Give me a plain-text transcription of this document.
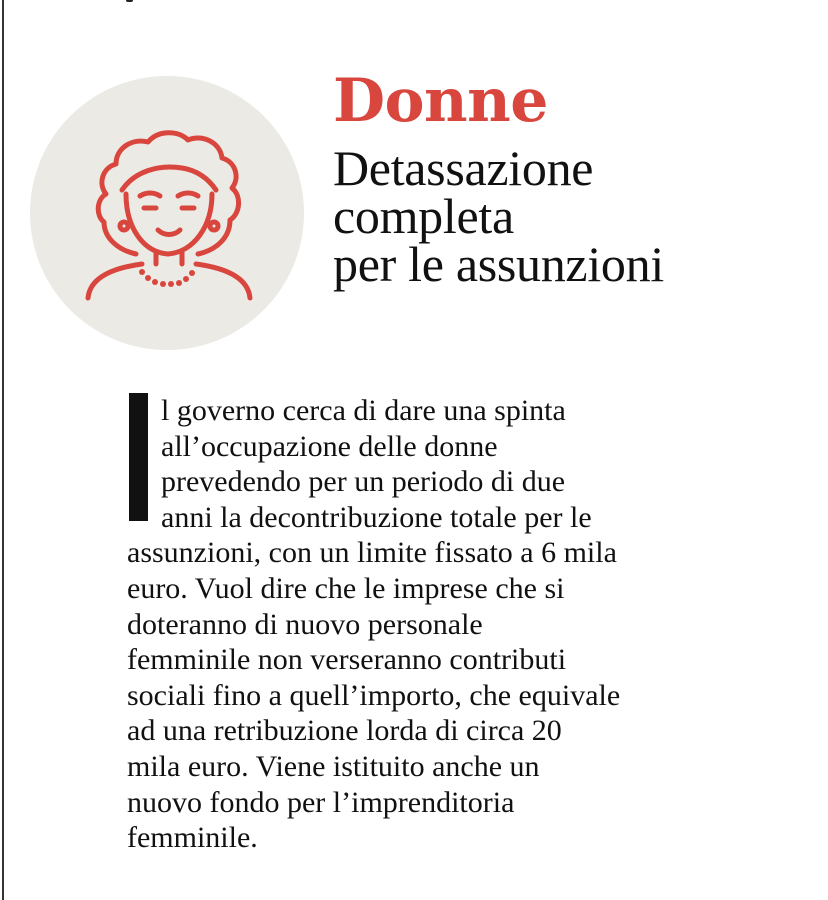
Donne
Detassazione
completa
per le assunzioni

l governo cerca di dare una spinta

all’occupazione delle donne

prevedendo per un periodo di due

anni la decontribuzione totale per le

assunzioni, con un limite fissato a 6 mila

euro. Vuol dire che le imprese che si

doteranno di nuovo personale

femminile non verseranno contributi

sociali fino a quell’importo, che equivale

ad una retribuzione lorda di circa 20

mila euro. Viene istituito anche un

nuovo fondo per l’imprenditoria

femminile.
